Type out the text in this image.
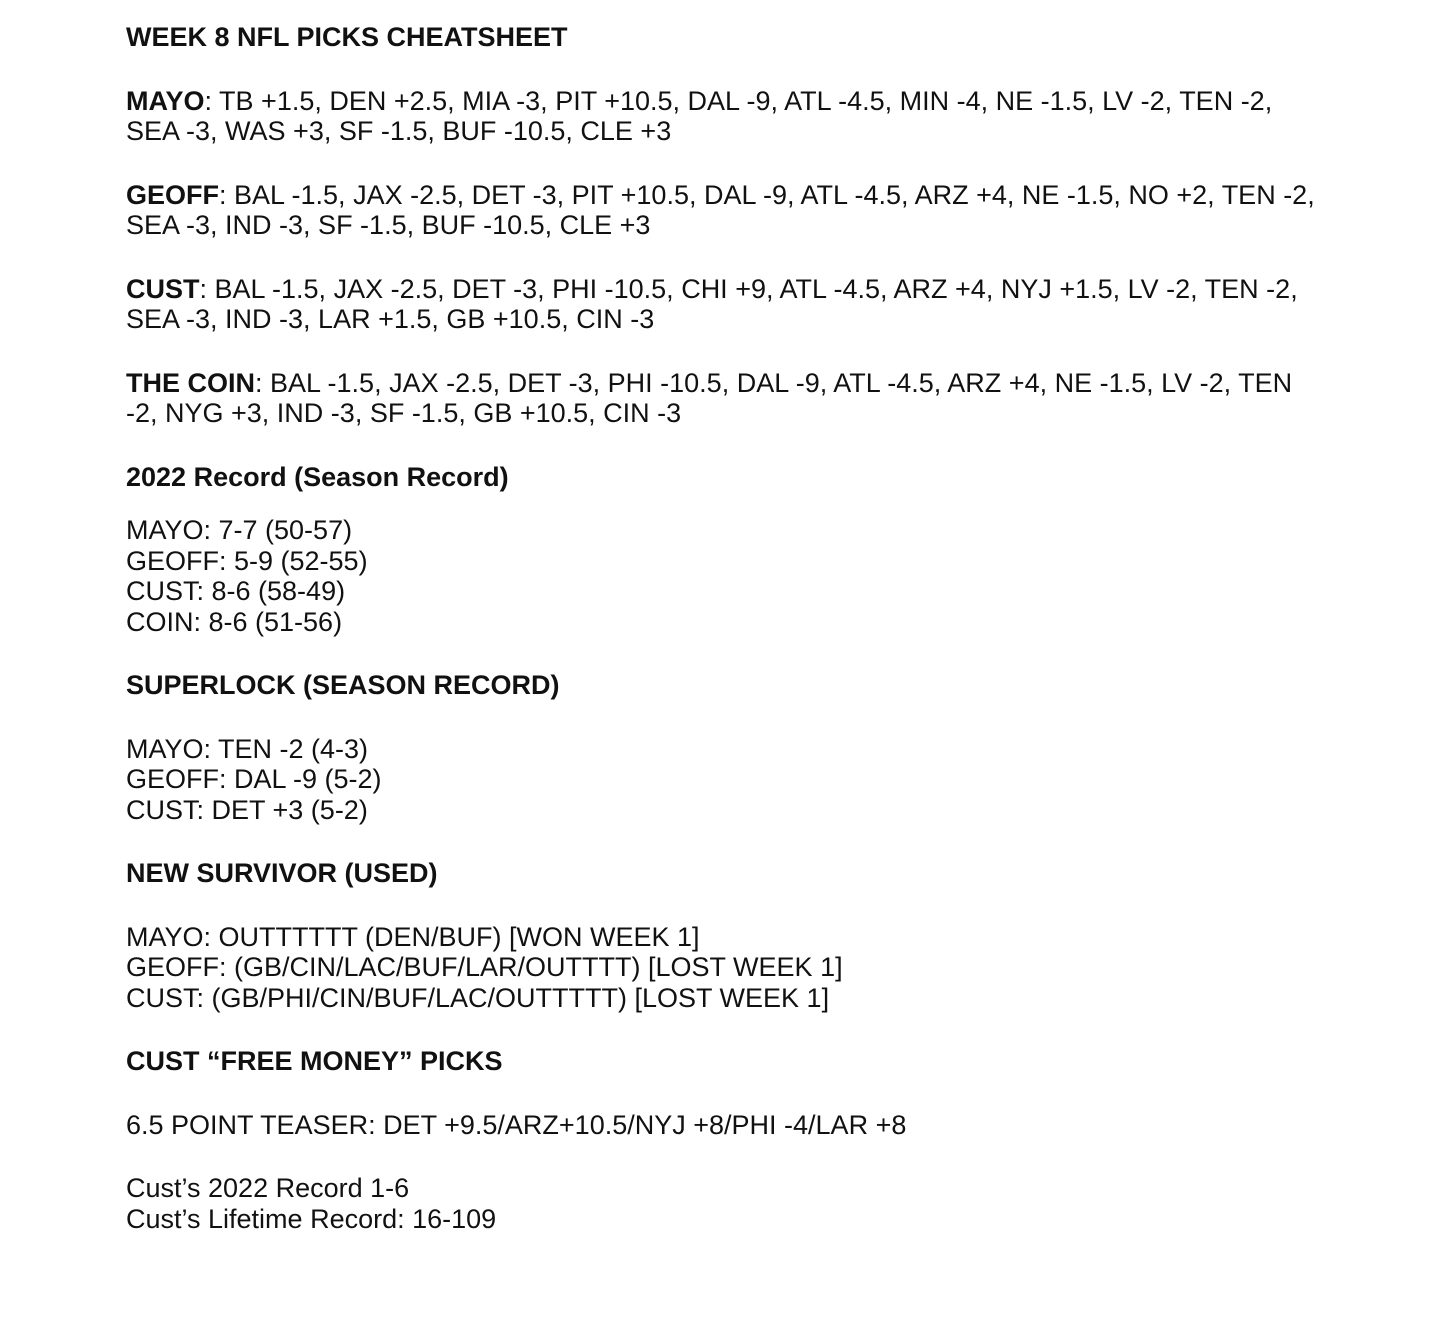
WEEK 8 NFL PICKS CHEATSHEET
MAYO: TB +1.5, DEN +2.5, MIA -3, PIT +10.5, DAL -9, ATL -4.5, MIN -4, NE -1.5, LV -2, TEN -2, SEA -3, WAS +3, SF -1.5, BUF -10.5, CLE +3
GEOFF: BAL -1.5, JAX -2.5, DET -3, PIT +10.5, DAL -9, ATL -4.5, ARZ +4, NE -1.5, NO +2, TEN -2, SEA -3, IND -3, SF -1.5, BUF -10.5, CLE +3
CUST: BAL -1.5, JAX -2.5, DET -3, PHI -10.5, CHI +9, ATL -4.5, ARZ +4, NYJ +1.5, LV -2, TEN -2, SEA -3, IND -3, LAR +1.5, GB +10.5, CIN -3
THE COIN: BAL -1.5, JAX -2.5, DET -3, PHI -10.5, DAL -9, ATL -4.5, ARZ +4, NE -1.5, LV -2, TEN -2, NYG +3, IND -3, SF -1.5, GB +10.5, CIN -3
2022 Record (Season Record)
MAYO: 7-7 (50-57)
GEOFF: 5-9 (52-55)
CUST: 8-6 (58-49)
COIN: 8-6 (51-56)
SUPERLOCK (SEASON RECORD)
MAYO: TEN -2 (4-3)
GEOFF: DAL -9 (5-2)
CUST: DET +3 (5-2)
NEW SURVIVOR (USED)
MAYO: OUTTTTTT (DEN/BUF) [WON WEEK 1]
GEOFF: (GB/CIN/LAC/BUF/LAR/OUTTTT) [LOST WEEK 1]
CUST: (GB/PHI/CIN/BUF/LAC/OUTTTTT) [LOST WEEK 1]
CUST “FREE MONEY” PICKS
6.5 POINT TEASER: DET +9.5/ARZ+10.5/NYJ +8/PHI -4/LAR +8
Cust’s 2022 Record 1-6
Cust’s Lifetime Record: 16-109
